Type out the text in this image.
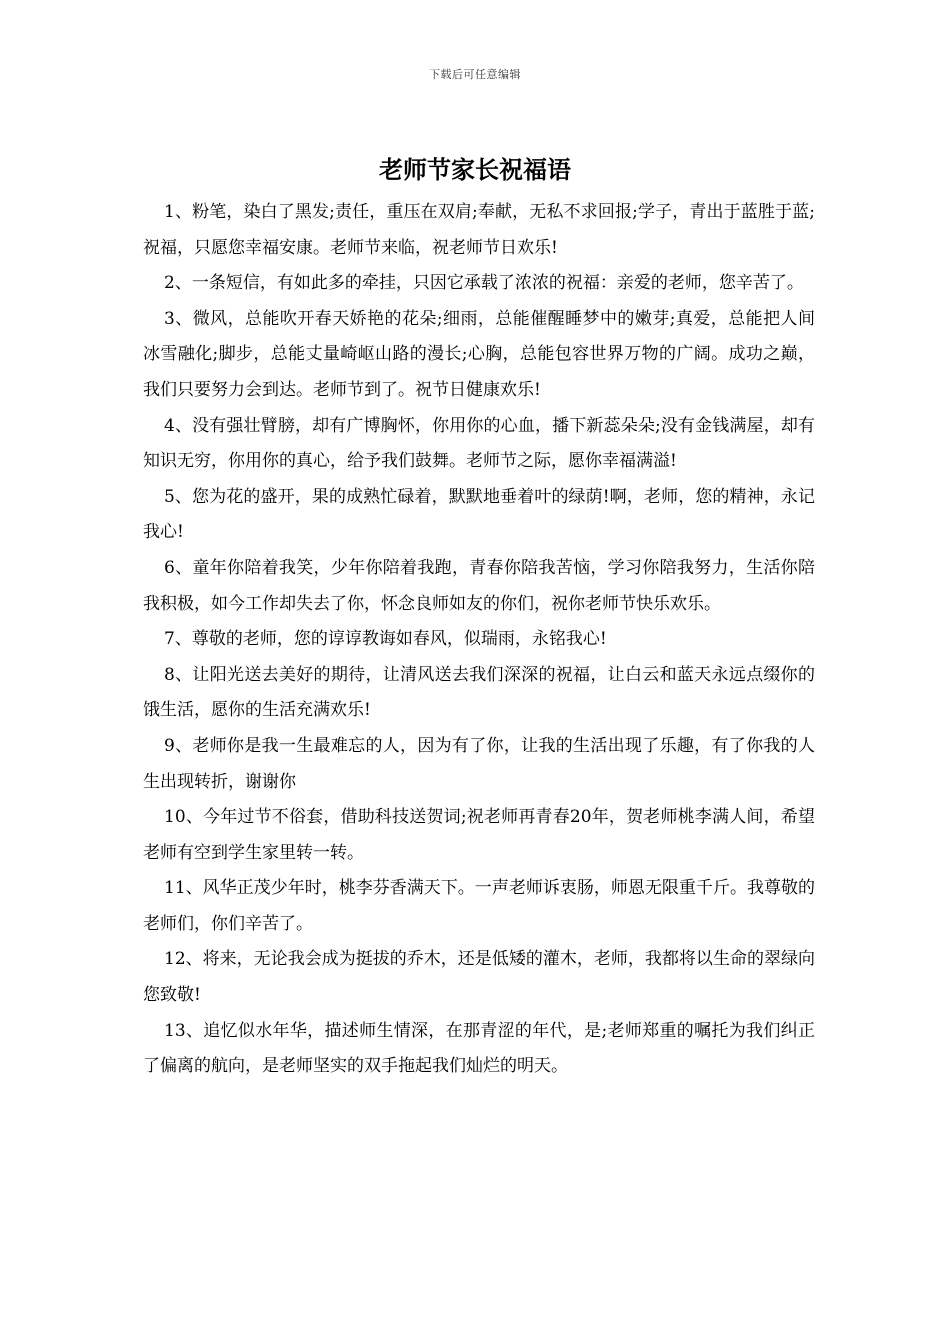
下载后可任意编辑
老师节家长祝福语

1、粉笔，染白了黑发;责任，重压在双肩;奉献，无私不求回报;学子，青出于蓝胜于蓝;祝福，只愿您幸福安康。老师节来临，祝老师节日欢乐!

2、一条短信，有如此多的牵挂，只因它承载了浓浓的祝福：亲爱的老师，您辛苦了。

3、微风，总能吹开春天娇艳的花朵;细雨，总能催醒睡梦中的嫩芽;真爱，总能把人间冰雪融化;脚步，总能丈量崎岖山路的漫长;心胸，总能包容世界万物的广阔。成功之巅，我们只要努力会到达。老师节到了。祝节日健康欢乐!

4、没有强壮臂膀，却有广博胸怀，你用你的心血，播下新蕊朵朵;没有金钱满屋，却有知识无穷，你用你的真心，给予我们鼓舞。老师节之际，愿你幸福满溢!

5、您为花的盛开，果的成熟忙碌着，默默地垂着叶的绿荫!啊，老师，您的精神，永记我心!

6、童年你陪着我笑，少年你陪着我跑，青春你陪我苦恼，学习你陪我努力，生活你陪我积极，如今工作却失去了你，怀念良师如友的你们，祝你老师节快乐欢乐。

7、尊敬的老师，您的谆谆教诲如春风，似瑞雨，永铭我心!

8、让阳光送去美好的期待，让清风送去我们深深的祝福，让白云和蓝天永远点缀你的饿生活，愿你的生活充满欢乐!

9、老师你是我一生最难忘的人，因为有了你，让我的生活出现了乐趣，有了你我的人生出现转折，谢谢你

10、今年过节不俗套，借助科技送贺词;祝老师再青春20年，贺老师桃李满人间，希望老师有空到学生家里转一转。

11、风华正茂少年时，桃李芬香满天下。一声老师诉衷肠，师恩无限重千斤。我尊敬的老师们，你们辛苦了。

12、将来，无论我会成为挺拔的乔木，还是低矮的灌木，老师，我都将以生命的翠绿向您致敬!

13、追忆似水年华，描述师生情深，在那青涩的年代，是;老师郑重的嘱托为我们纠正了偏离的航向，是老师坚实的双手拖起我们灿烂的明天。
